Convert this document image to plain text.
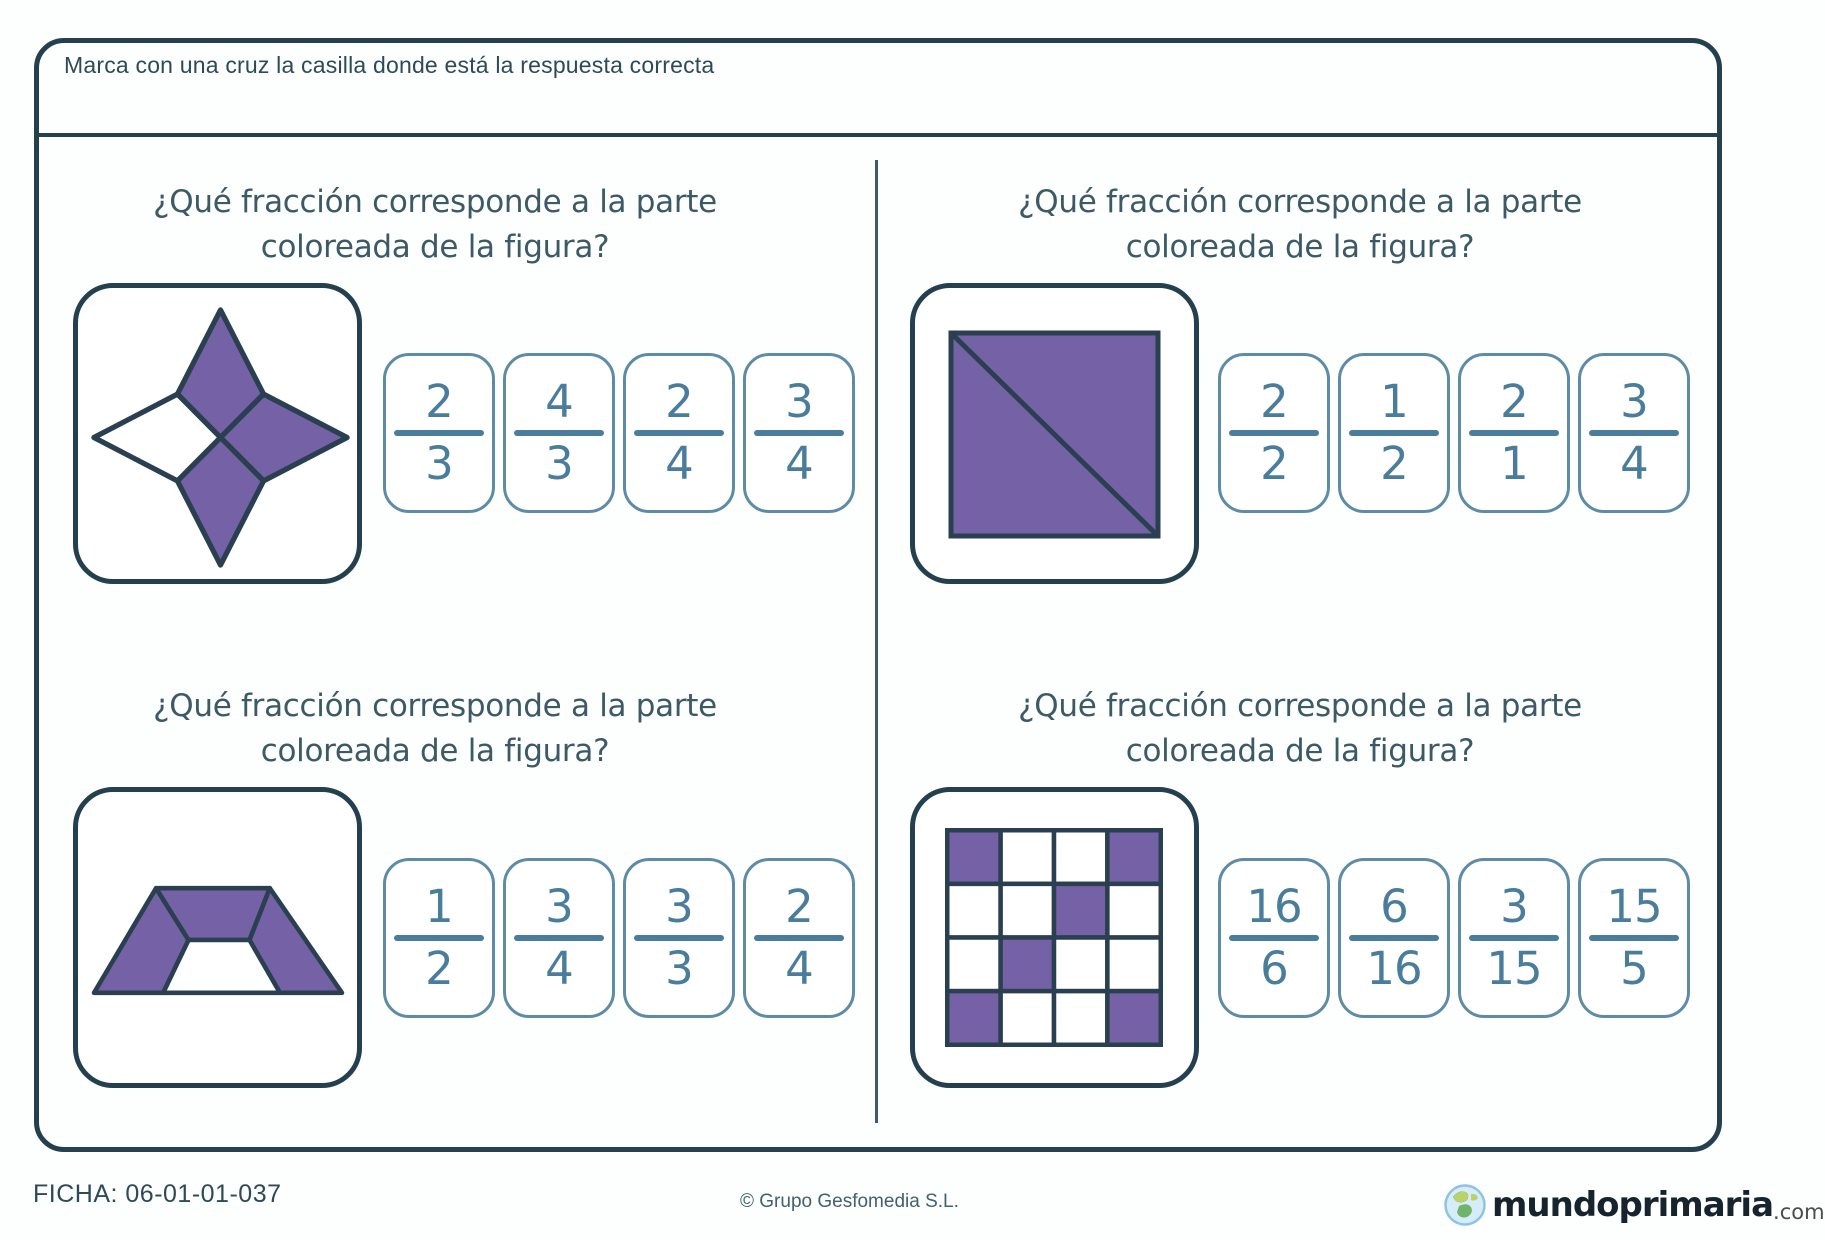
Marca con una cruz la casilla donde está la respuesta correcta
¿Qué fracción corresponde a la parte
coloreada de la figura?
2
3
4
3
2
4
3
4
¿Qué fracción corresponde a la parte
coloreada de la figura?
2
2
1
2
2
1
3
4
¿Qué fracción corresponde a la parte
coloreada de la figura?
1
2
3
4
3
3
2
4
¿Qué fracción corresponde a la parte
coloreada de la figura?
16
6
6
16
3
15
15
5
FICHA: 06-01-01-037	© Grupo Gesfomedia S.L.	mundoprimaria .com
